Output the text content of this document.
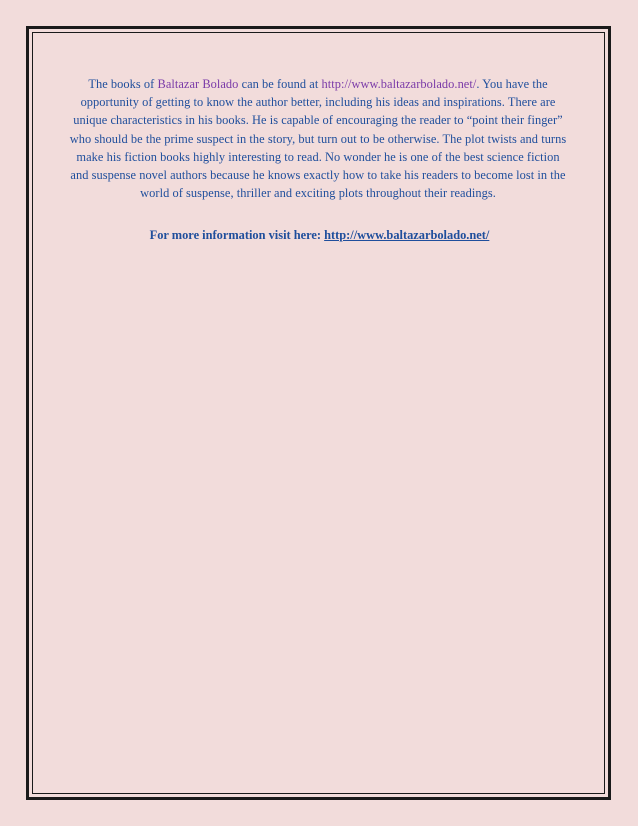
The books of Baltazar Bolado can be found at http://www.baltazarbolado.net/. You have the opportunity of getting to know the author better, including his ideas and inspirations. There are unique characteristics in his books. He is capable of encouraging the reader to “point their finger” who should be the prime suspect in the story, but turn out to be otherwise. The plot twists and turns make his fiction books highly interesting to read. No wonder he is one of the best science fiction and suspense novel authors because he knows exactly how to take his readers to become lost in the world of suspense, thriller and exciting plots throughout their readings.

For more information visit here: http://www.baltazarbolado.net/
